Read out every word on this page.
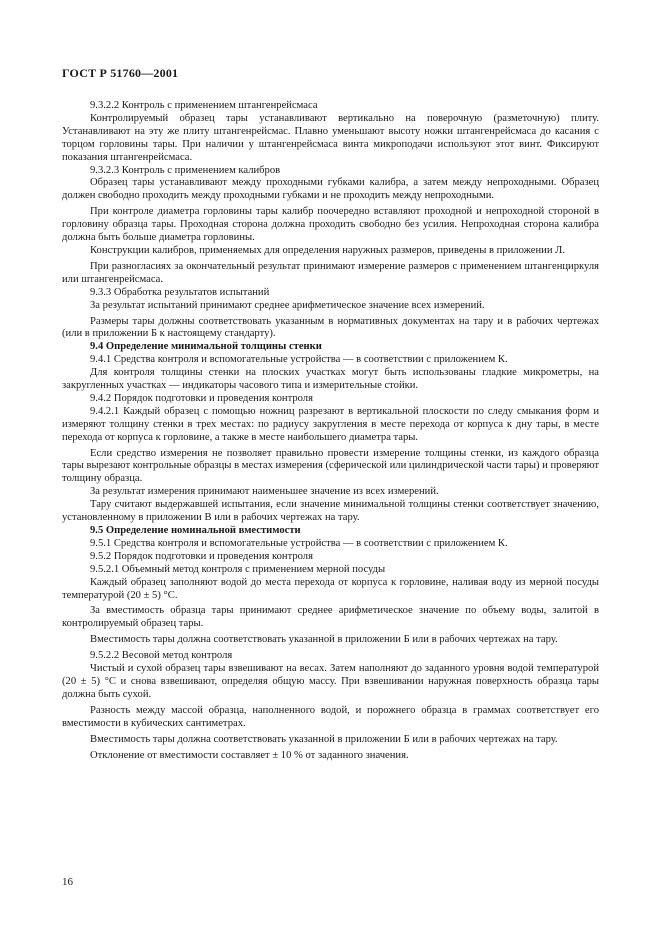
ГОСТ Р 51760—2001

9.3.2.2 Контроль с применением штангенрейсмаса

Контролируемый образец тары устанавливают вертикально на поверочную (разметочную) плиту. Устанавливают на эту же плиту штангенрейсмас. Плавно уменьшают высоту ножки штангенрейсмаса до касания с торцом горловины тары. При наличии у штангенрейсмаса винта микроподачи используют этот винт. Фиксируют показания штангенрейсмаса.

9.3.2.3 Контроль с применением калибров

Образец тары устанавливают между проходными губками калибра, а затем между непроходными. Образец должен свободно проходить между проходными губками и не проходить между непроходными.

При контроле диаметра горловины тары калибр поочередно вставляют проходной и непроходной стороной в горловину образца тары. Проходная сторона должна проходить свободно без усилия. Непроходная сторона калибра должна быть больше диаметра горловины.

Конструкции калибров, применяемых для определения наружных размеров, приведены в приложении Л.

При разногласиях за окончательный результат принимают измерение размеров с применением штангенциркуля или штангенрейсмаса.

9.3.3 Обработка результатов испытаний

За результат испытаний принимают среднее арифметическое значение всех измерений.

Размеры тары должны соответствовать указанным в нормативных документах на тару и в рабочих чертежах (или в приложении Б к настоящему стандарту).

9.4 Определение минимальной толщины стенки

9.4.1 Средства контроля и вспомогательные устройства — в соответствии с приложением К.

Для контроля толщины стенки на плоских участках могут быть использованы гладкие микрометры, на закругленных участках — индикаторы часового типа и измерительные стойки.

9.4.2 Порядок подготовки и проведения контроля

9.4.2.1 Каждый образец с помощью ножниц разрезают в вертикальной плоскости по следу смыкания форм и измеряют толщину стенки в трех местах: по радиусу закругления в месте перехода от корпуса к дну тары, в месте перехода от корпуса к горловине, а также в месте наибольшего диаметра тары.

Если средство измерения не позволяет правильно провести измерение толщины стенки, из каждого образца тары вырезают контрольные образцы в местах измерения (сферической или цилиндрической части тары) и проверяют толщину образца.

За результат измерения принимают наименьшее значение из всех измерений.

Тару считают выдержавшей испытания, если значение минимальной толщины стенки соответствует значению, установленному в приложении В или в рабочих чертежах на тару.

9.5 Определение номинальной вместимости

9.5.1 Средства контроля и вспомогательные устройства — в соответствии с приложением К.

9.5.2 Порядок подготовки и проведения контроля

9.5.2.1 Объемный метод контроля с применением мерной посуды

Каждый образец заполняют водой до места перехода от корпуса к горловине, наливая воду из мерной посуды температурой (20 ± 5) °С.

За вместимость образца тары принимают среднее арифметическое значение по объему воды, залитой в контролируемый образец тары.

Вместимость тары должна соответствовать указанной в приложении Б или в рабочих чертежах на тару.

9.5.2.2 Весовой метод контроля

Чистый и сухой образец тары взвешивают на весах. Затем наполняют до заданного уровня водой температурой (20 ± 5) °С и снова взвешивают, определяя общую массу. При взвешивании наружная поверхность образца тары должна быть сухой.

Разность между массой образца, наполненного водой, и порожнего образца в граммах соответствует его вместимости в кубических сантиметрах.

Вместимость тары должна соответствовать указанной в приложении Б или в рабочих чертежах на тару.

Отклонение от вместимости составляет ± 10 % от заданного значения.

16
